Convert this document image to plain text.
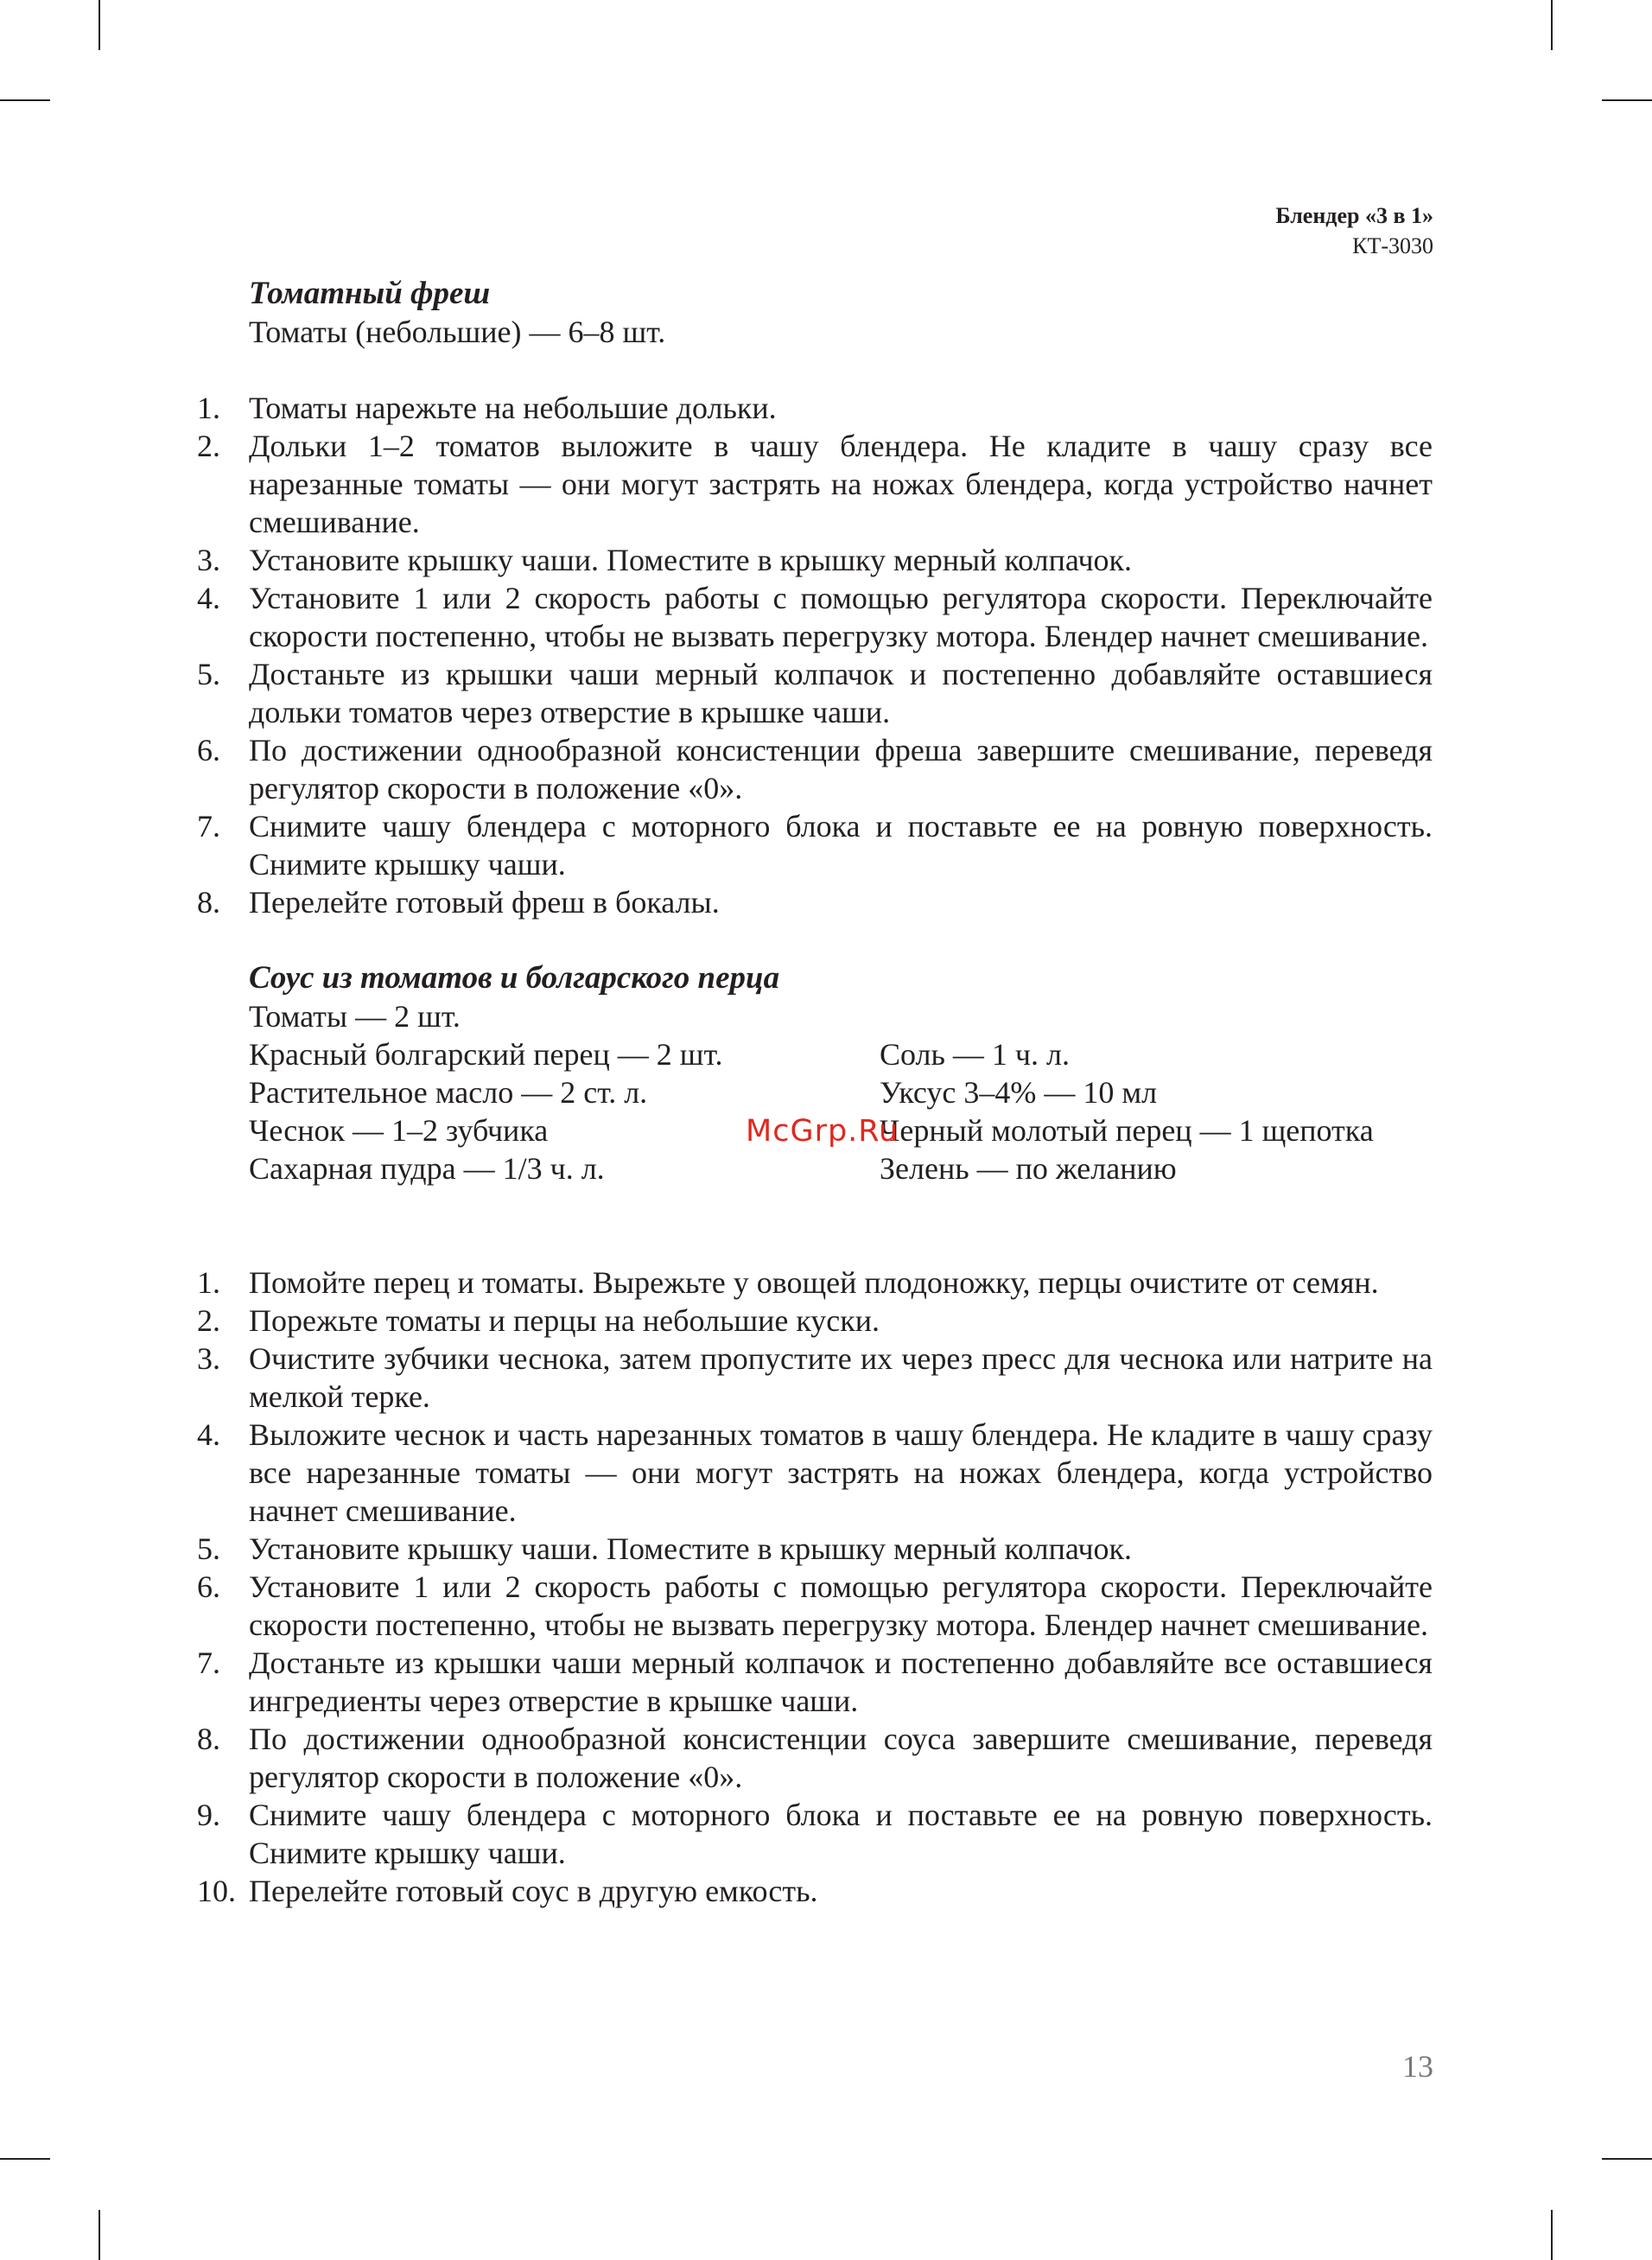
Блендер «3 в 1»
КТ-3030

Томатный фреш

Томаты (небольшие) — 6–8 шт.

1. Томаты нарежьте на небольшие дольки.
2. Дольки 1–2 томатов выложите в чашу блендера. Не кладите в чашу сразу все нарезанные томаты — они могут застрять на ножах блендера, когда устройство начнет смешивание.
3. Установите крышку чаши. Поместите в крышку мерный колпачок.
4. Установите 1 или 2 скорость работы с помощью регулятора скорости. Переключайте скорости постепенно, чтобы не вызвать перегрузку мотора. Блендер начнет смешивание.
5. Достаньте из крышки чаши мерный колпачок и постепенно добавляйте оставшиеся дольки томатов через отверстие в крышке чаши.
6. По достижении однообразной консистенции фреша завершите смешивание, переведя регулятор скорости в положение «0».
7. Снимите чашу блендера с моторного блока и поставьте ее на ровную поверхность. Снимите крышку чаши.
8. Перелейте готовый фреш в бокалы.

Соус из томатов и болгарского перца

Томаты — 2 шт.

Красный болгарский перец — 2 шт.

Растительное масло — 2 ст. л.

Чеснок — 1–2 зубчика

Сахарная пудра — 1/3 ч. л.

Соль — 1 ч. л.

Уксус 3–4% — 10 мл

Черный молотый перец — 1 щепотка

Зелень — по желанию

1. Помойте перец и томаты. Вырежьте у овощей плодоножку, перцы очистите от семян.
2. Порежьте томаты и перцы на небольшие куски.
3. Очистите зубчики чеснока, затем пропустите их через пресс для чеснока или натрите на мелкой терке.
4. Выложите чеснок и часть нарезанных томатов в чашу блендера. Не кладите в чашу сразу все нарезанные томаты — они могут застрять на ножах блендера, когда устройство начнет смешивание.
5. Установите крышку чаши. Поместите в крышку мерный колпачок.
6. Установите 1 или 2 скорость работы с помощью регулятора скорости. Переключайте скорости постепенно, чтобы не вызвать перегрузку мотора. Блендер начнет смешивание.
7. Достаньте из крышки чаши мерный колпачок и постепенно добавляйте все оставшиеся ингредиенты через отверстие в крышке чаши.
8. По достижении однообразной консистенции соуса завершите смешивание, переведя регулятор скорости в положение «0».
9. Снимите чашу блендера с моторного блока и поставьте ее на ровную поверхность. Снимите крышку чаши.
10. Перелейте готовый соус в другую емкость.
McGrp.Ru
13
